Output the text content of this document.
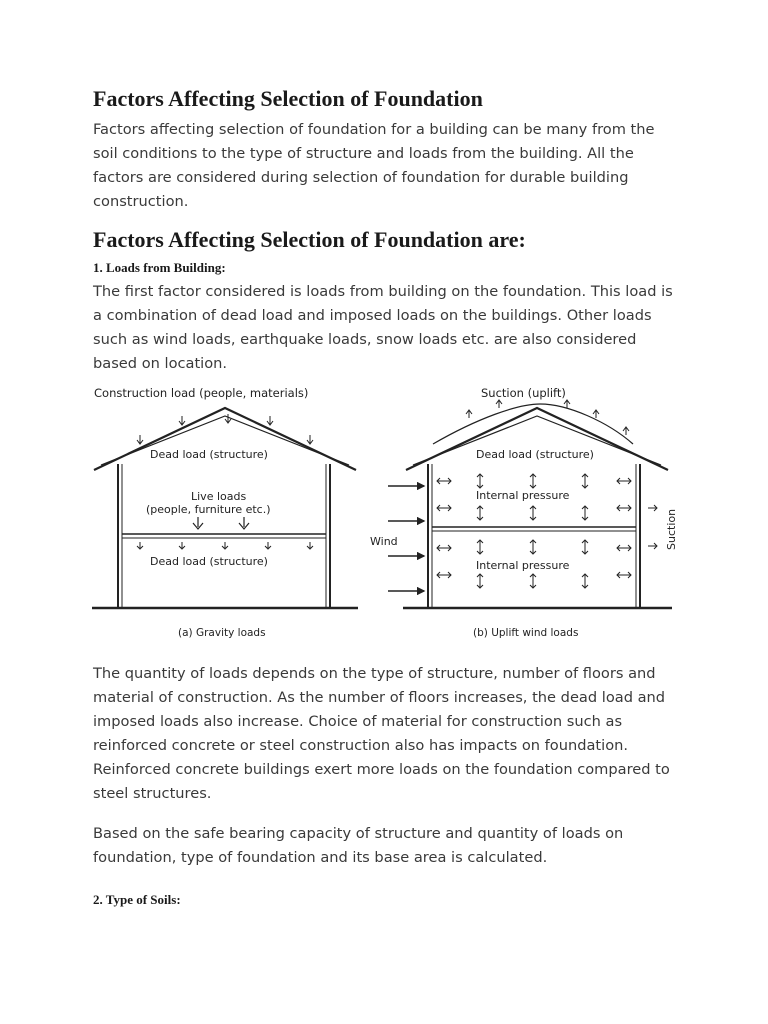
Factors Affecting Selection of Foundation

Factors affecting selection of foundation for a building can be many from the soil conditions to the type of structure and loads from the building. All the factors are considered during selection of foundation for durable building construction.

Factors Affecting Selection of Foundation are:
1. Loads from Building:

The first factor considered is loads from building on the foundation. This load is a combination of dead load and imposed loads on the buildings. Other loads such as wind loads, earthquake loads, snow loads etc. are also considered based on location.

Construction load (people, materials)
Dead load (structure)
Live loads
(people, furniture etc.)
Dead load (structure)
(a) Gravity loads
Suction (uplift)
Dead load (structure)
Internal pressure
Internal pressure
Wind	Suction
(b) Uplift wind loads

The quantity of loads depends on the type of structure, number of floors and material of construction. As the number of floors increases, the dead load and imposed loads also increase. Choice of material for construction such as reinforced concrete or steel construction also has impacts on foundation. Reinforced concrete buildings exert more loads on the foundation compared to steel structures.

Based on the safe bearing capacity of structure and quantity of loads on foundation, type of foundation and its base area is calculated.

2. Type of Soils:
